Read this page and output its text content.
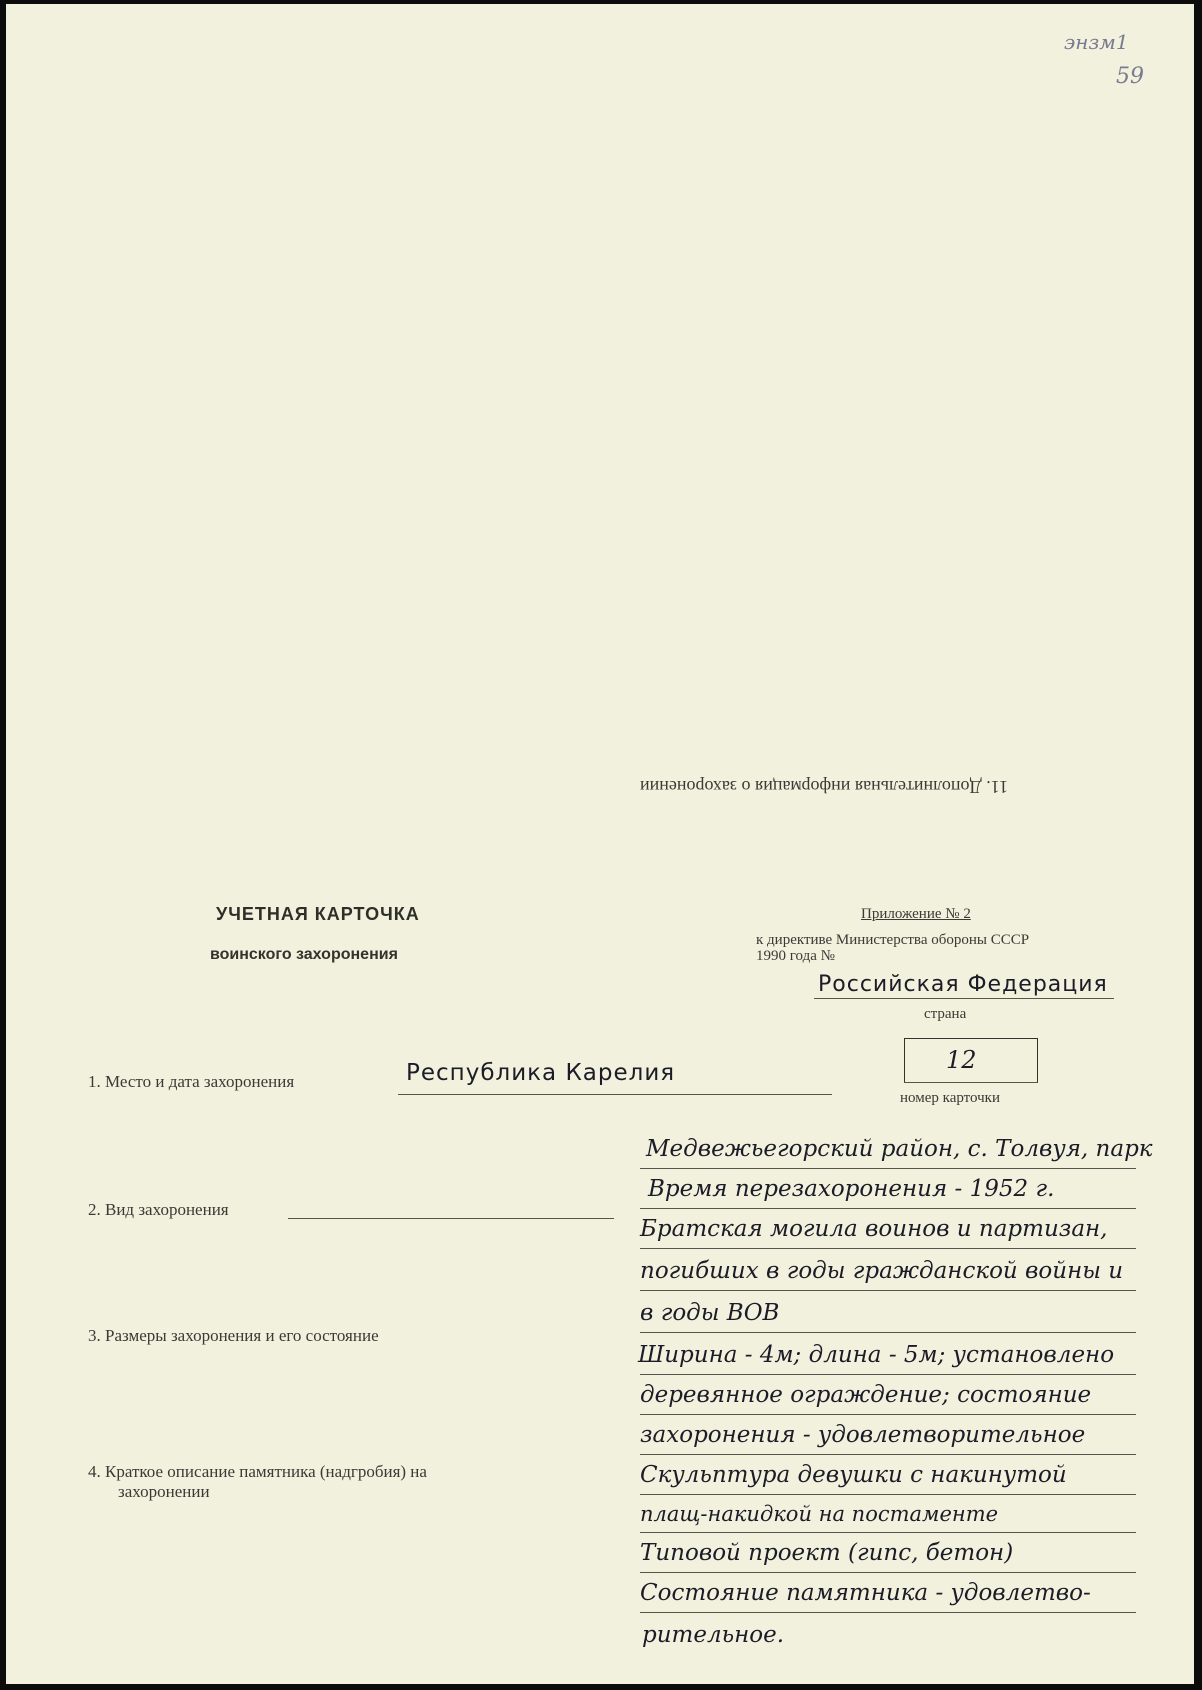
энзм1
59
11. Дополнительная информация о захоронении
УЧЕТНАЯ КАРТОЧКА
воинского захоронения
Приложение № 2
к директиве Министерства обороны СССР
1990 года №
Российская Федерация
страна
12
номер карточки
1. Место и дата захоронения	Республика Карелия
2. Вид захоронения
3. Размеры захоронения и его состояние
4. Краткое описание памятника (надгробия) на
захоронении
Медвежьегорский район, с. Толвуя, парк
Время перезахоронения - 1952 г.
Братская могила воинов и партизан,
погибших в годы гражданской войны и
в годы ВОВ
Ширина - 4м; длина - 5м; установлено
деревянное ограждение; состояние
захоронения - удовлетворительное
Скульптура девушки с накинутой
плащ-накидкой на постаменте
Типовой проект (гипс, бетон)
Состояние памятника - удовлетво-
рительное.
